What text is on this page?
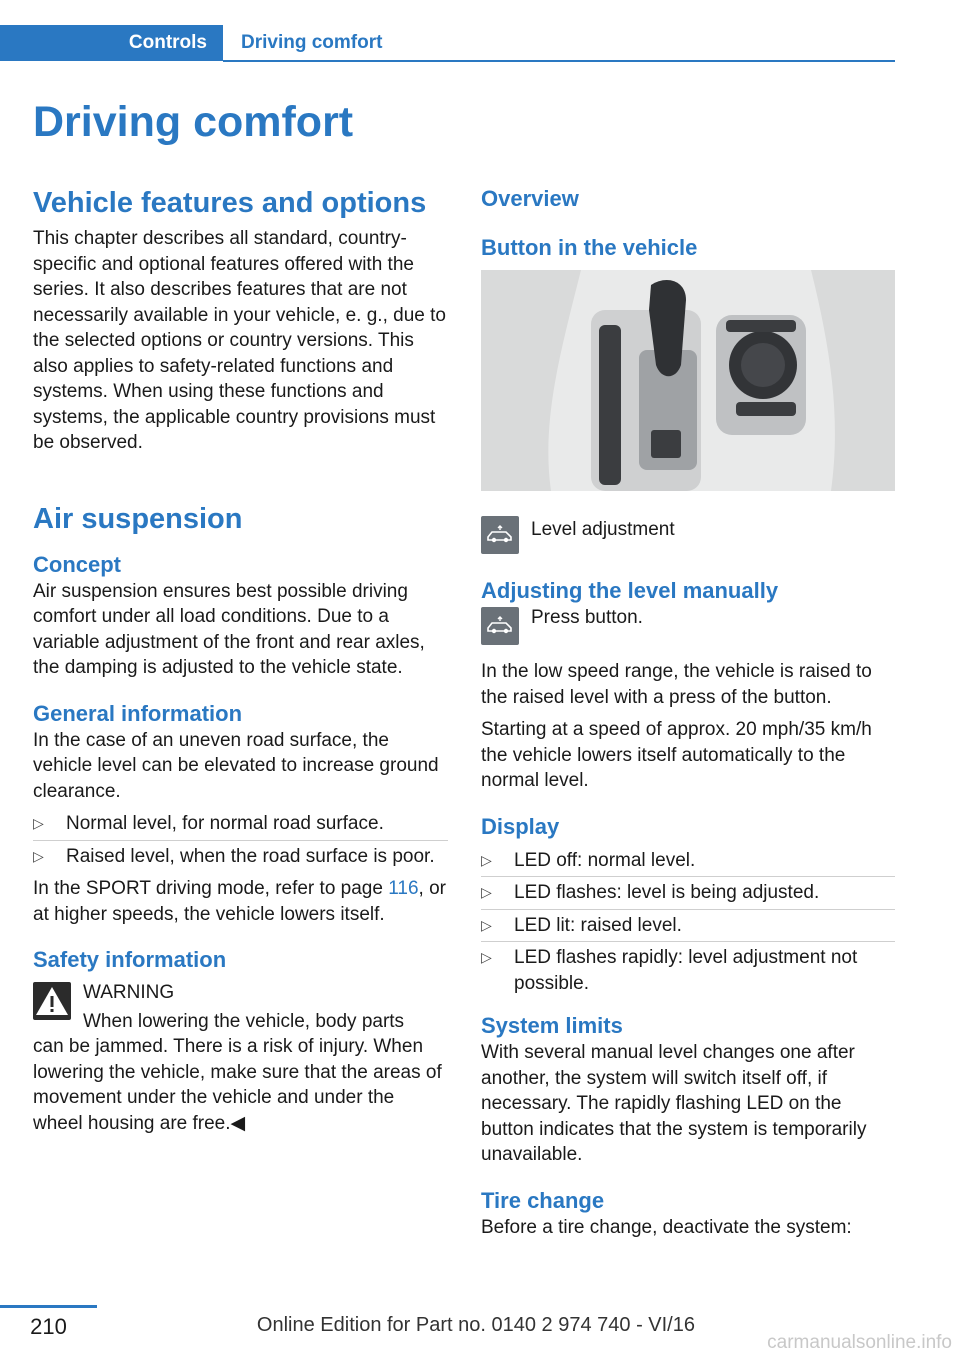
Controls	Driving comfort
Driving comfort
Vehicle features and options

This chapter describes all standard, country-specific and optional features offered with the series. It also describes features that are not necessarily available in your vehicle, e. g., due to the selected options or country versions. This also applies to safety-related functions and systems. When using these functions and systems, the applicable country provisions must be observed.

Air suspension
Concept

Air suspension ensures best possible driving comfort under all load conditions. Due to a variable adjustment of the front and rear axles, the damping is adjusted to the vehicle state.

General information

In the case of an uneven road surface, the vehicle level can be elevated to increase ground clearance.

▷ Normal level, for normal road surface.
▷ Raised level, when the road surface is poor.

In the SPORT driving mode, refer to page 116, or at higher speeds, the vehicle lowers itself.

Safety information

WARNING

When lowering the vehicle, body parts

can be jammed. There is a risk of injury. When lowering the vehicle, make sure that the areas of movement under the vehicle and under the wheel housing are free.◀

Overview
Button in the vehicle

Level adjustment

Adjusting the level manually

Press button.

In the low speed range, the vehicle is raised to the raised level with a press of the button.

Starting at a speed of approx. 20 mph/35 km/h the vehicle lowers itself automatically to the normal level.

Display
▷ LED off: normal level.
▷ LED flashes: level is being adjusted.
▷ LED lit: raised level.
▷ LED flashes rapidly: level adjustment not possible.
System limits

With several manual level changes one after another, the system will switch itself off, if necessary. The rapidly flashing LED on the button indicates that the system is temporarily unavailable.

Tire change

Before a tire change, deactivate the system:

210	Online Edition for Part no. 0140 2 974 740 - VI/16
carmanualsonline.info
